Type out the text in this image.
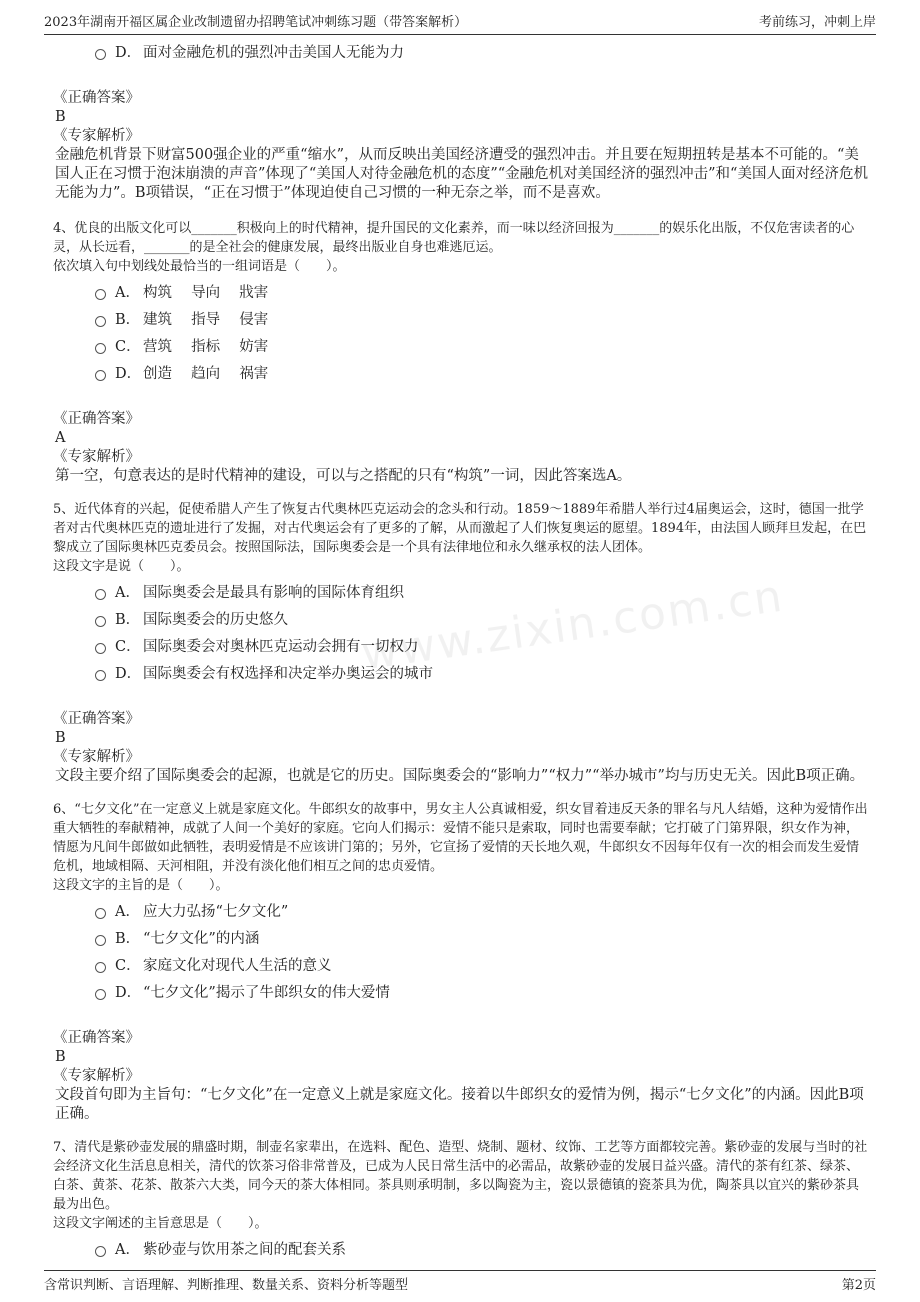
2023年湖南开福区属企业改制遗留办招聘笔试冲刺练习题（带答案解析）	考前练习，冲刺上岸
www.zixin.com.cn
D． 面对金融危机的强烈冲击美国人无能为力
《正确答案》
B
《专家解析》
金融危机背景下财富500强企业的严重“缩水”，从而反映出美国经济遭受的强烈冲击。并且要在短期扭转是基本不可能的。“美国人正在习惯于泡沫崩溃的声音”体现了“美国人对待金融危机的态度”“金融危机对美国经济的强烈冲击”和“美国人面对经济危机无能为力”。B项错误，“正在习惯于”体现迫使自己习惯的一种无奈之举，而不是喜欢。
4、优良的出版文化可以_______积极向上的时代精神，提升国民的文化素养，而一味以经济回报为_______的娱乐化出版，不仅危害读者的心灵，从长远看，_______的是全社会的健康发展，最终出版业自身也难逃厄运。
依次填入句中划线处最恰当的一组词语是（　　）。
A． 构筑　 导向　 戕害
B． 建筑　 指导　 侵害
C． 营筑　 指标　 妨害
D． 创造　 趋向　 祸害
《正确答案》
A
《专家解析》
第一空，句意表达的是时代精神的建设，可以与之搭配的只有“构筑”一词，因此答案选A。
5、近代体育的兴起，促使希腊人产生了恢复古代奥林匹克运动会的念头和行动。1859～1889年希腊人举行过4届奥运会，这时，德国一批学者对古代奥林匹克的遗址进行了发掘，对古代奥运会有了更多的了解，从而激起了人们恢复奥运的愿望。1894年，由法国人顾拜旦发起，在巴黎成立了国际奥林匹克委员会。按照国际法，国际奥委会是一个具有法律地位和永久继承权的法人团体。
这段文字是说（　　）。
A． 国际奥委会是最具有影响的国际体育组织
B． 国际奥委会的历史悠久
C． 国际奥委会对奥林匹克运动会拥有一切权力
D． 国际奥委会有权选择和决定举办奥运会的城市
《正确答案》
B
《专家解析》
文段主要介绍了国际奥委会的起源，也就是它的历史。国际奥委会的“影响力”“权力”“举办城市”均与历史无关。因此B项正确。
6、“七夕文化”在一定意义上就是家庭文化。牛郎织女的故事中，男女主人公真诚相爱，织女冒着违反天条的罪名与凡人结婚，这种为爱情作出重大牺牲的奉献精神，成就了人间一个美好的家庭。它向人们揭示：爱情不能只是索取，同时也需要奉献；它打破了门第界限，织女作为神，情愿为凡间牛郎做如此牺牲，表明爱情是不应该讲门第的；另外，它宣扬了爱情的天长地久观，牛郎织女不因每年仅有一次的相会而发生爱情危机，地域相隔、天河相阻，并没有淡化他们相互之间的忠贞爱情。
这段文字的主旨的是（　　）。
A． 应大力弘扬“七夕文化”
B． “七夕文化”的内涵
C． 家庭文化对现代人生活的意义
D． “七夕文化”揭示了牛郎织女的伟大爱情
《正确答案》
B
《专家解析》
文段首句即为主旨句：“七夕文化”在一定意义上就是家庭文化。接着以牛郎织女的爱情为例，揭示“七夕文化”的内涵。因此B项正确。
7、清代是紫砂壶发展的鼎盛时期，制壶名家辈出，在选料、配色、造型、烧制、题材、纹饰、工艺等方面都较完善。紫砂壶的发展与当时的社会经济文化生活息息相关，清代的饮茶习俗非常普及，已成为人民日常生活中的必需品，故紫砂壶的发展日益兴盛。清代的茶有红茶、绿茶、白茶、黄茶、花茶、散茶六大类，同今天的茶大体相同。茶具则承明制，多以陶瓷为主，瓷以景德镇的瓷茶具为优，陶茶具以宜兴的紫砂茶具最为出色。
这段文字阐述的主旨意思是（　　）。
A． 紫砂壶与饮用茶之间的配套关系
含常识判断、言语理解、判断推理、数量关系、资料分析等题型	第2页
